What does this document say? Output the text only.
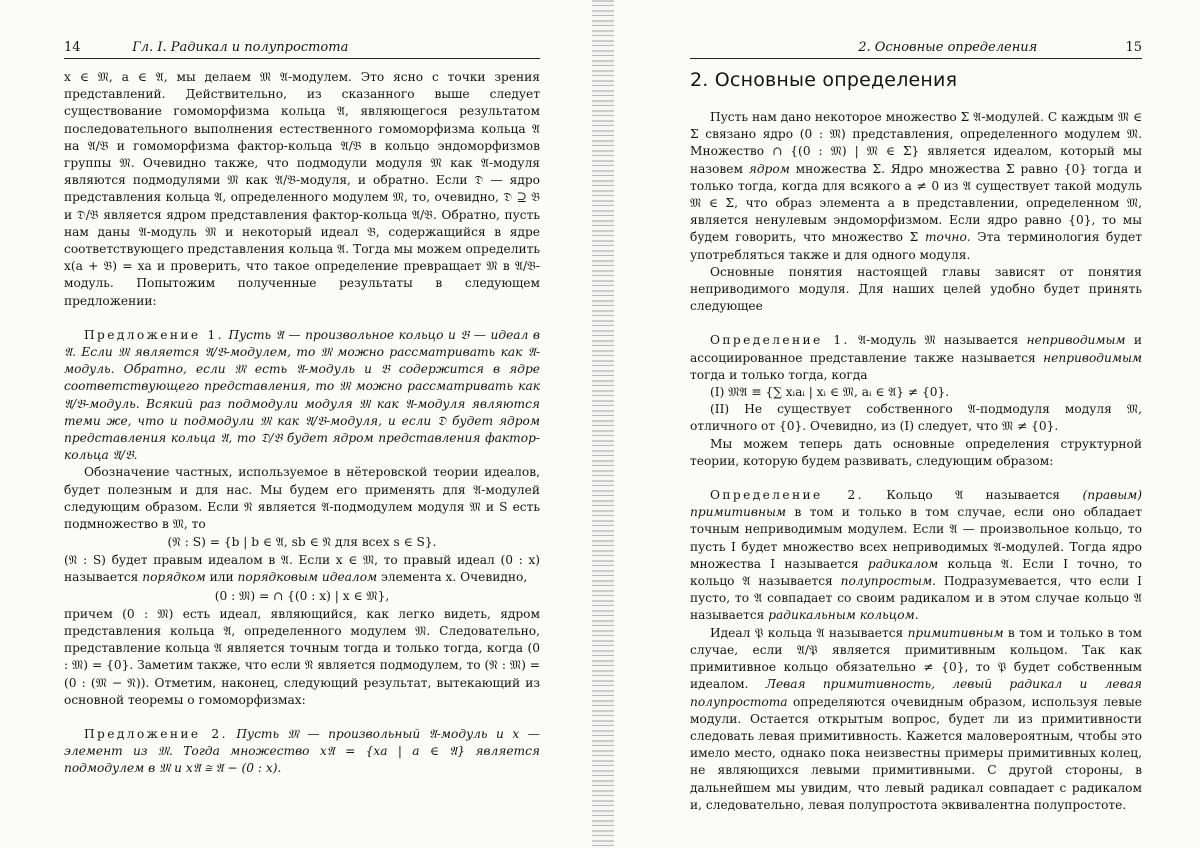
14	Гл. I. Радикал и полупростота

x ∈ 𝔐, a ∈ 𝔄, мы делаем 𝔐 𝔄-модулем. Это ясно с точки зрения представлений. Действительно, из сказанного выше следует существование гомоморфизма кольца 𝔄, являющегося результатом последовательного выполнения естественного гомоморфизма кольца 𝔄 на 𝔄/𝔅 и гомоморфизма фактор-кольца 𝔄/𝔅 в кольцо эндоморфизмов группы 𝔐. Очевидно также, что подмодули модуля 𝔐 как 𝔄-модуля являются подмодулями 𝔐 как 𝔄/𝔅-модуля, и обратно. Если 𝔇 — ядро представления кольца 𝔄, определенного модулем 𝔐, то, очевидно, 𝔇 ⊇ 𝔅 и 𝔇/𝔅 является ядром представления фактор-кольца 𝔄/𝔅. Обратно, пусть нам даны 𝔄-модуль 𝔐 и некоторый идеал 𝔅, содержащийся в ядре соответствующего представления кольца 𝔄. Тогда мы можем определить x(a + 𝔅) = xa и проверить, что такое определение превращает 𝔐 в 𝔄/𝔅-модуль. Попытожим полученные результаты в следующем предложении:

Предложение 1. Пусть 𝔄 — произвольное кольцо и 𝔅 — идеал в 𝔄. Если 𝔐 является 𝔄/𝔅-модулем, то 𝔐 можно рассматривать как 𝔄-модуль. Обратно, если 𝔐 есть 𝔄-модуль и 𝔅 содержится в ядре соответствующего представления, то 𝔐 можно рассматривать как 𝔄/𝔅-модуль. Всякий раз подмодули модуля 𝔐 как 𝔄-модуля являются теми же, что и подмодули 𝔐 как 𝔄/𝔅-модуля, и если 𝔇 будет ядром представления кольца 𝔄, то 𝔇/𝔅 будет ядром представления фактор-кольца 𝔄/𝔅.

Обозначение частных, используемое в нётеровской теории идеалов, будет полезным и для нас. Мы будем его применять для 𝔄-модулей следующим образом. Если 𝔑 является 𝔄-подмодулем модуля 𝔐 и S есть подмножество в 𝔐, то

(𝔑 : S) = {b | b ∈ 𝔄, sb ∈ 𝔑 для всех s ∈ S}.

(𝔑 : S) будет правым идеалом в 𝔄. Если x ∈ 𝔐, то правый идеал (0 : x) называется порядком или порядковым идеалом элемента x. Очевидно,

(0 : 𝔐) = ∩ {(0 : x) | x ∈ 𝔐},

причем (0 : 𝔐) есть идеал, являющийся, как легко видеть, ядром представления кольца 𝔄, определенного модулем 𝔐. Следовательно, представление кольца 𝔄 является точным тогда и только тогда, когда (0 : 𝔐) = {0}. Заметим также, что если 𝔑 является подмодулем, то (𝔑 : 𝔐) = (0 : (𝔐 − 𝔑)). Отметим, наконец, следующий результат, вытекающий из основной теоремы о гомоморфизмах:

Предложение 2. Пусть 𝔐 — произвольный 𝔄-модуль и x — элемент из 𝔐. Тогда множество x𝔄 = {xa | a ∈ 𝔄} является подмодулем в 𝔐 и x𝔄 ≅ 𝔄 − (0 : x).

2. Основные определения	15
2. Основные определения

Пусть нам дано некоторое множество Σ 𝔄-модулей. С каждым 𝔐 ∈ Σ связано ядро (0 : 𝔐) представления, определенного модулем 𝔐. Множество ∩ {(0 : 𝔐) | 𝔐 ∈ Σ} является идеалом, который мы назовем ядром множества Σ. Ядро множества Σ равно {0} тогда и только тогда, когда для всякого a ≠ 0 из 𝔄 существует такой модуль 𝔐 ∈ Σ, что образ элемента a в представлении, определенном 𝔐, является ненулевым эндоморфизмом. Если ядро равно {0}, то мы будем говорить, что множество Σ точно. Эта терминология будет употребляться также и для одного модуля.

Основные понятия настоящей главы зависят от понятия неприводимого модуля. Для наших целей удобно будет принять следующее

Определение 1. 𝔄-модуль 𝔐 называется неприводимым и ассоциированное представление также называется неприводимым тогда и только тогда, когда

(I) 𝔐𝔄 ≡ {∑ xᵢaᵢ | xᵢ ∈ 𝔐, aᵢ ∈ 𝔄} ≠ {0}.

(II) Не существует собственного 𝔄-подмодуля модуля 𝔐, отличного от {0}. Очевидно, из (I) следует, что 𝔐 ≠ {0}.

Мы можем теперь дать основные определения структурной теории, которую будем развивать, следующим образом:

Определение 2. Кольцо 𝔄 называется (правым) примитивным в том и только в том случае, если оно обладает точным неприводимым модулем. Если 𝔄 — произвольное кольцо, то пусть I будет множество всех неприводимых 𝔄-модулей. Тогда ядро множества I называется радикалом кольца 𝔄. Если I точно, то кольцо 𝔄 называется полупростым. Подразумевается, что если I пусто, то 𝔄 совпадает со своим радикалом и в этом случае кольцо 𝔄 называется радикальным кольцом.

Идеал 𝔓 кольца 𝔄 называется примитивным в том и только в том случае, если 𝔄/𝔓 является примитивным кольцом. Так как примитивное кольцо обязательно ≠ {0}, то 𝔓 будет собственным идеалом. Левая примитивность, левый радикал и левая полупростота определяются очевидным образом, используя левые модули. Остается открытым вопрос, будет ли из примитивности следовать левая примитивность. Кажется маловероятным, чтобы это имело место, однако пока неизвестны примеры примитивных колец, не являющихся левыми примитивными. С другой стороны, в дальнейшем мы увидим, что левый радикал совпадает с радикалом и, следовательно, левая полупростота эквивалентна полупростоте.
